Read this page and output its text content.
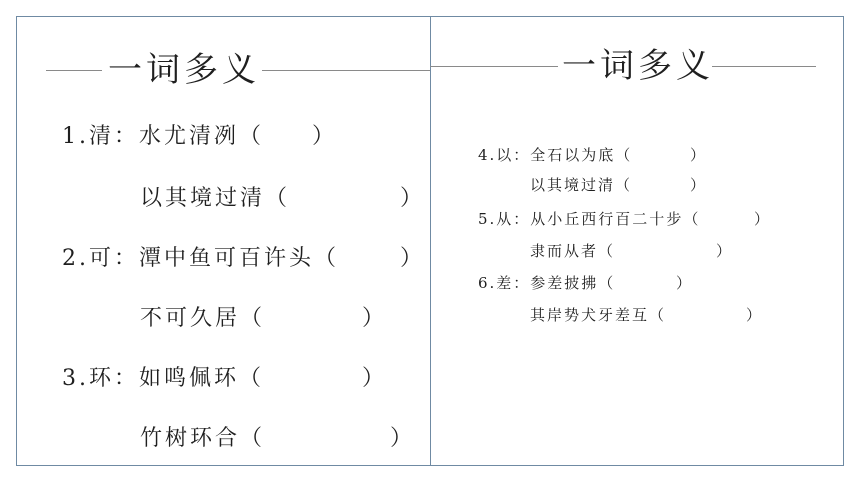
一词多义	一词多义
1.清：水尤清冽（ ）
以其境过清（	）
2.可：潭中鱼可百许头（	）
不可久居（	）
3.环：如鸣佩环（	）
竹树环合（	）
4.以：全石以为底（	）
以其境过清（	）
5.从：从小丘西行百二十步（	）
隶而从者（	）
6.差：参差披拂（	）
其岸势犬牙差互（	）
